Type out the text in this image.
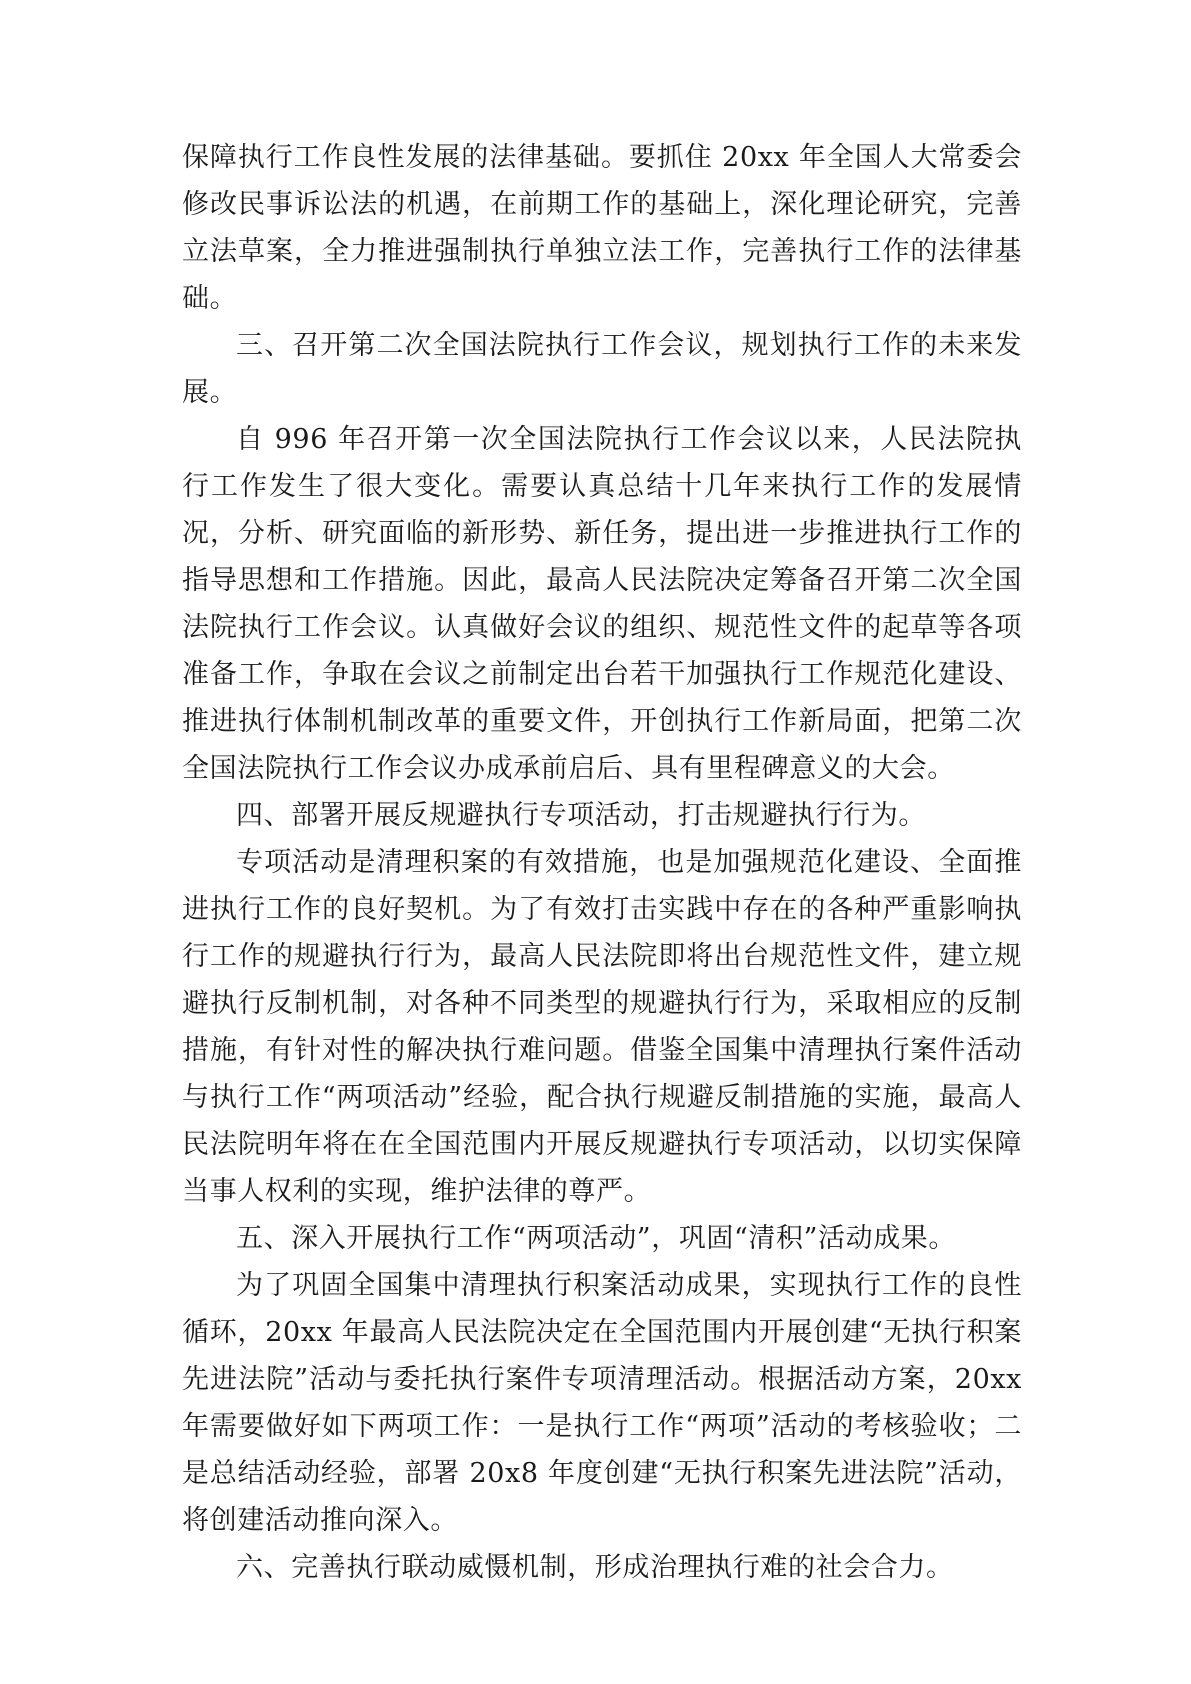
保障执行工作良性发展的法律基础。要抓住 20xx 年全国人大常委会修改民事诉讼法的机遇，在前期工作的基础上，深化理论研究，完善立法草案，全力推进强制执行单独立法工作，完善执行工作的法律基础。

三、召开第二次全国法院执行工作会议，规划执行工作的未来发展。

自 996 年召开第一次全国法院执行工作会议以来，人民法院执行工作发生了很大变化。需要认真总结十几年来执行工作的发展情况，分析、研究面临的新形势、新任务，提出进一步推进执行工作的指导思想和工作措施。因此，最高人民法院决定筹备召开第二次全国法院执行工作会议。认真做好会议的组织、规范性文件的起草等各项准备工作，争取在会议之前制定出台若干加强执行工作规范化建设、推进执行体制机制改革的重要文件，开创执行工作新局面，把第二次全国法院执行工作会议办成承前启后、具有里程碑意义的大会。

四、部署开展反规避执行专项活动，打击规避执行行为。

专项活动是清理积案的有效措施，也是加强规范化建设、全面推进执行工作的良好契机。为了有效打击实践中存在的各种严重影响执行工作的规避执行行为，最高人民法院即将出台规范性文件，建立规避执行反制机制，对各种不同类型的规避执行行为，采取相应的反制措施，有针对性的解决执行难问题。借鉴全国集中清理执行案件活动与执行工作“两项活动”经验，配合执行规避反制措施的实施，最高人民法院明年将在在全国范围内开展反规避执行专项活动，以切实保障当事人权利的实现，维护法律的尊严。

五、深入开展执行工作“两项活动”，巩固“清积”活动成果。

为了巩固全国集中清理执行积案活动成果，实现执行工作的良性循环，20xx 年最高人民法院决定在全国范围内开展创建“无执行积案先进法院”活动与委托执行案件专项清理活动。根据活动方案，20xx 年需要做好如下两项工作：一是执行工作“两项”活动的考核验收；二是总结活动经验，部署 20x8 年度创建“无执行积案先进法院”活动，将创建活动推向深入。

六、完善执行联动威慑机制，形成治理执行难的社会合力。
